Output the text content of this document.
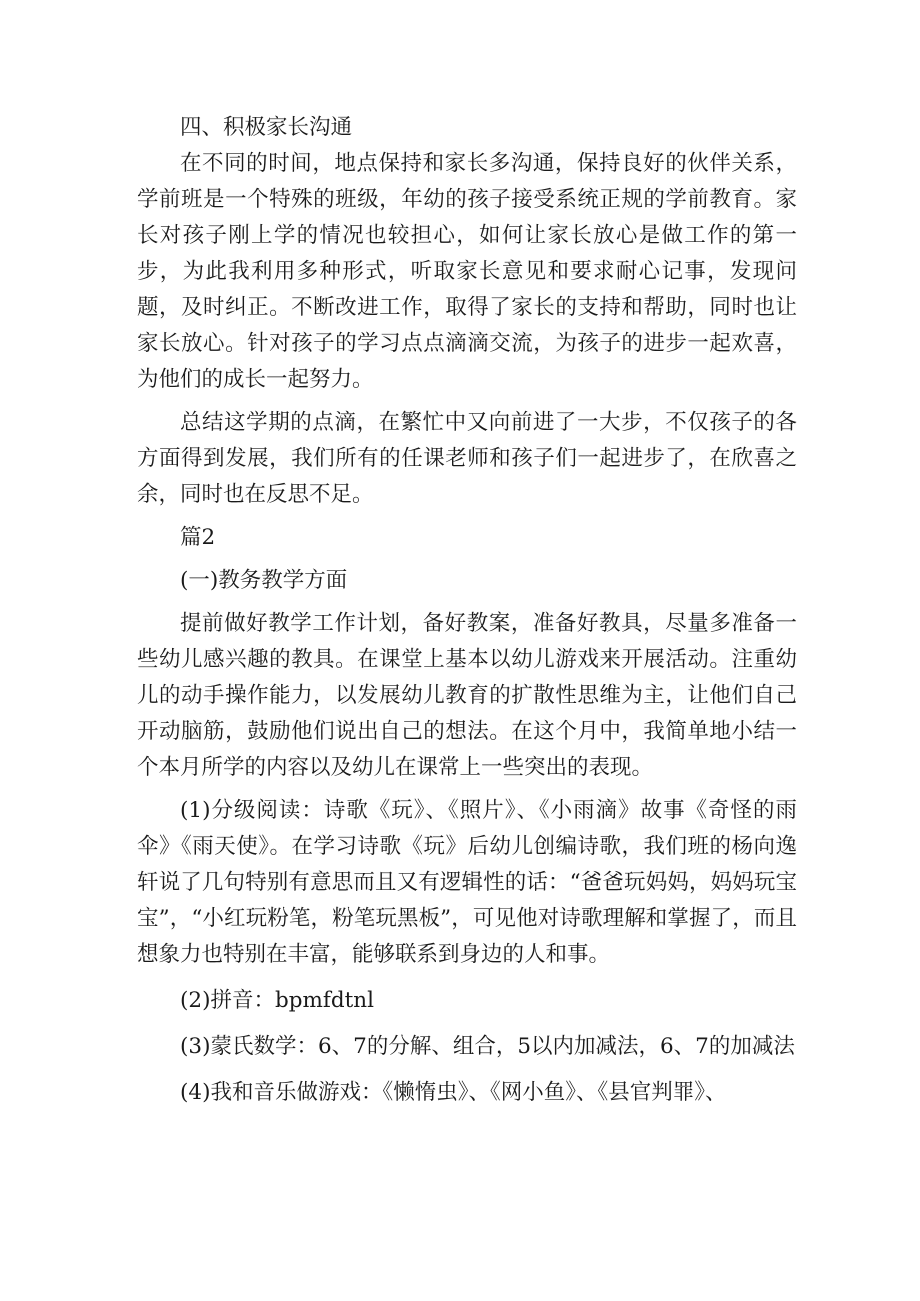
四、积极家长沟通

在不同的时间，地点保持和家长多沟通，保持良好的伙伴关系，学前班是一个特殊的班级，年幼的孩子接受系统正规的学前教育。家长对孩子刚上学的情况也较担心，如何让家长放心是做工作的第一步，为此我利用多种形式，听取家长意见和要求耐心记事，发现问题，及时纠正。不断改进工作，取得了家长的支持和帮助，同时也让家长放心。针对孩子的学习点点滴滴交流，为孩子的进步一起欢喜，为他们的成长一起努力。

总结这学期的点滴，在繁忙中又向前进了一大步，不仅孩子的各方面得到发展，我们所有的任课老师和孩子们一起进步了，在欣喜之余，同时也在反思不足。

篇2

(一)教务教学方面

提前做好教学工作计划，备好教案，准备好教具，尽量多准备一些幼儿感兴趣的教具。在课堂上基本以幼儿游戏来开展活动。注重幼儿的动手操作能力，以发展幼儿教育的扩散性思维为主，让他们自己开动脑筋，鼓励他们说出自己的想法。在这个月中，我简单地小结一个本月所学的内容以及幼儿在课常上一些突出的表现。

(1)分级阅读：诗歌《玩》、《照片》、《小雨滴》故事《奇怪的雨伞》《雨天使》。在学习诗歌《玩》后幼儿创编诗歌，我们班的杨向逸轩说了几句特别有意思而且又有逻辑性的话：“爸爸玩妈妈，妈妈玩宝宝”，“小红玩粉笔，粉笔玩黑板”，可见他对诗歌理解和掌握了，而且想象力也特别在丰富，能够联系到身边的人和事。

(2)拼音：bpmfdtnl

(3)蒙氏数学：6、7的分解、组合，5以内加减法，6、7的加减法

(4)我和音乐做游戏：《懒惰虫》、《网小鱼》、《县官判罪》、
